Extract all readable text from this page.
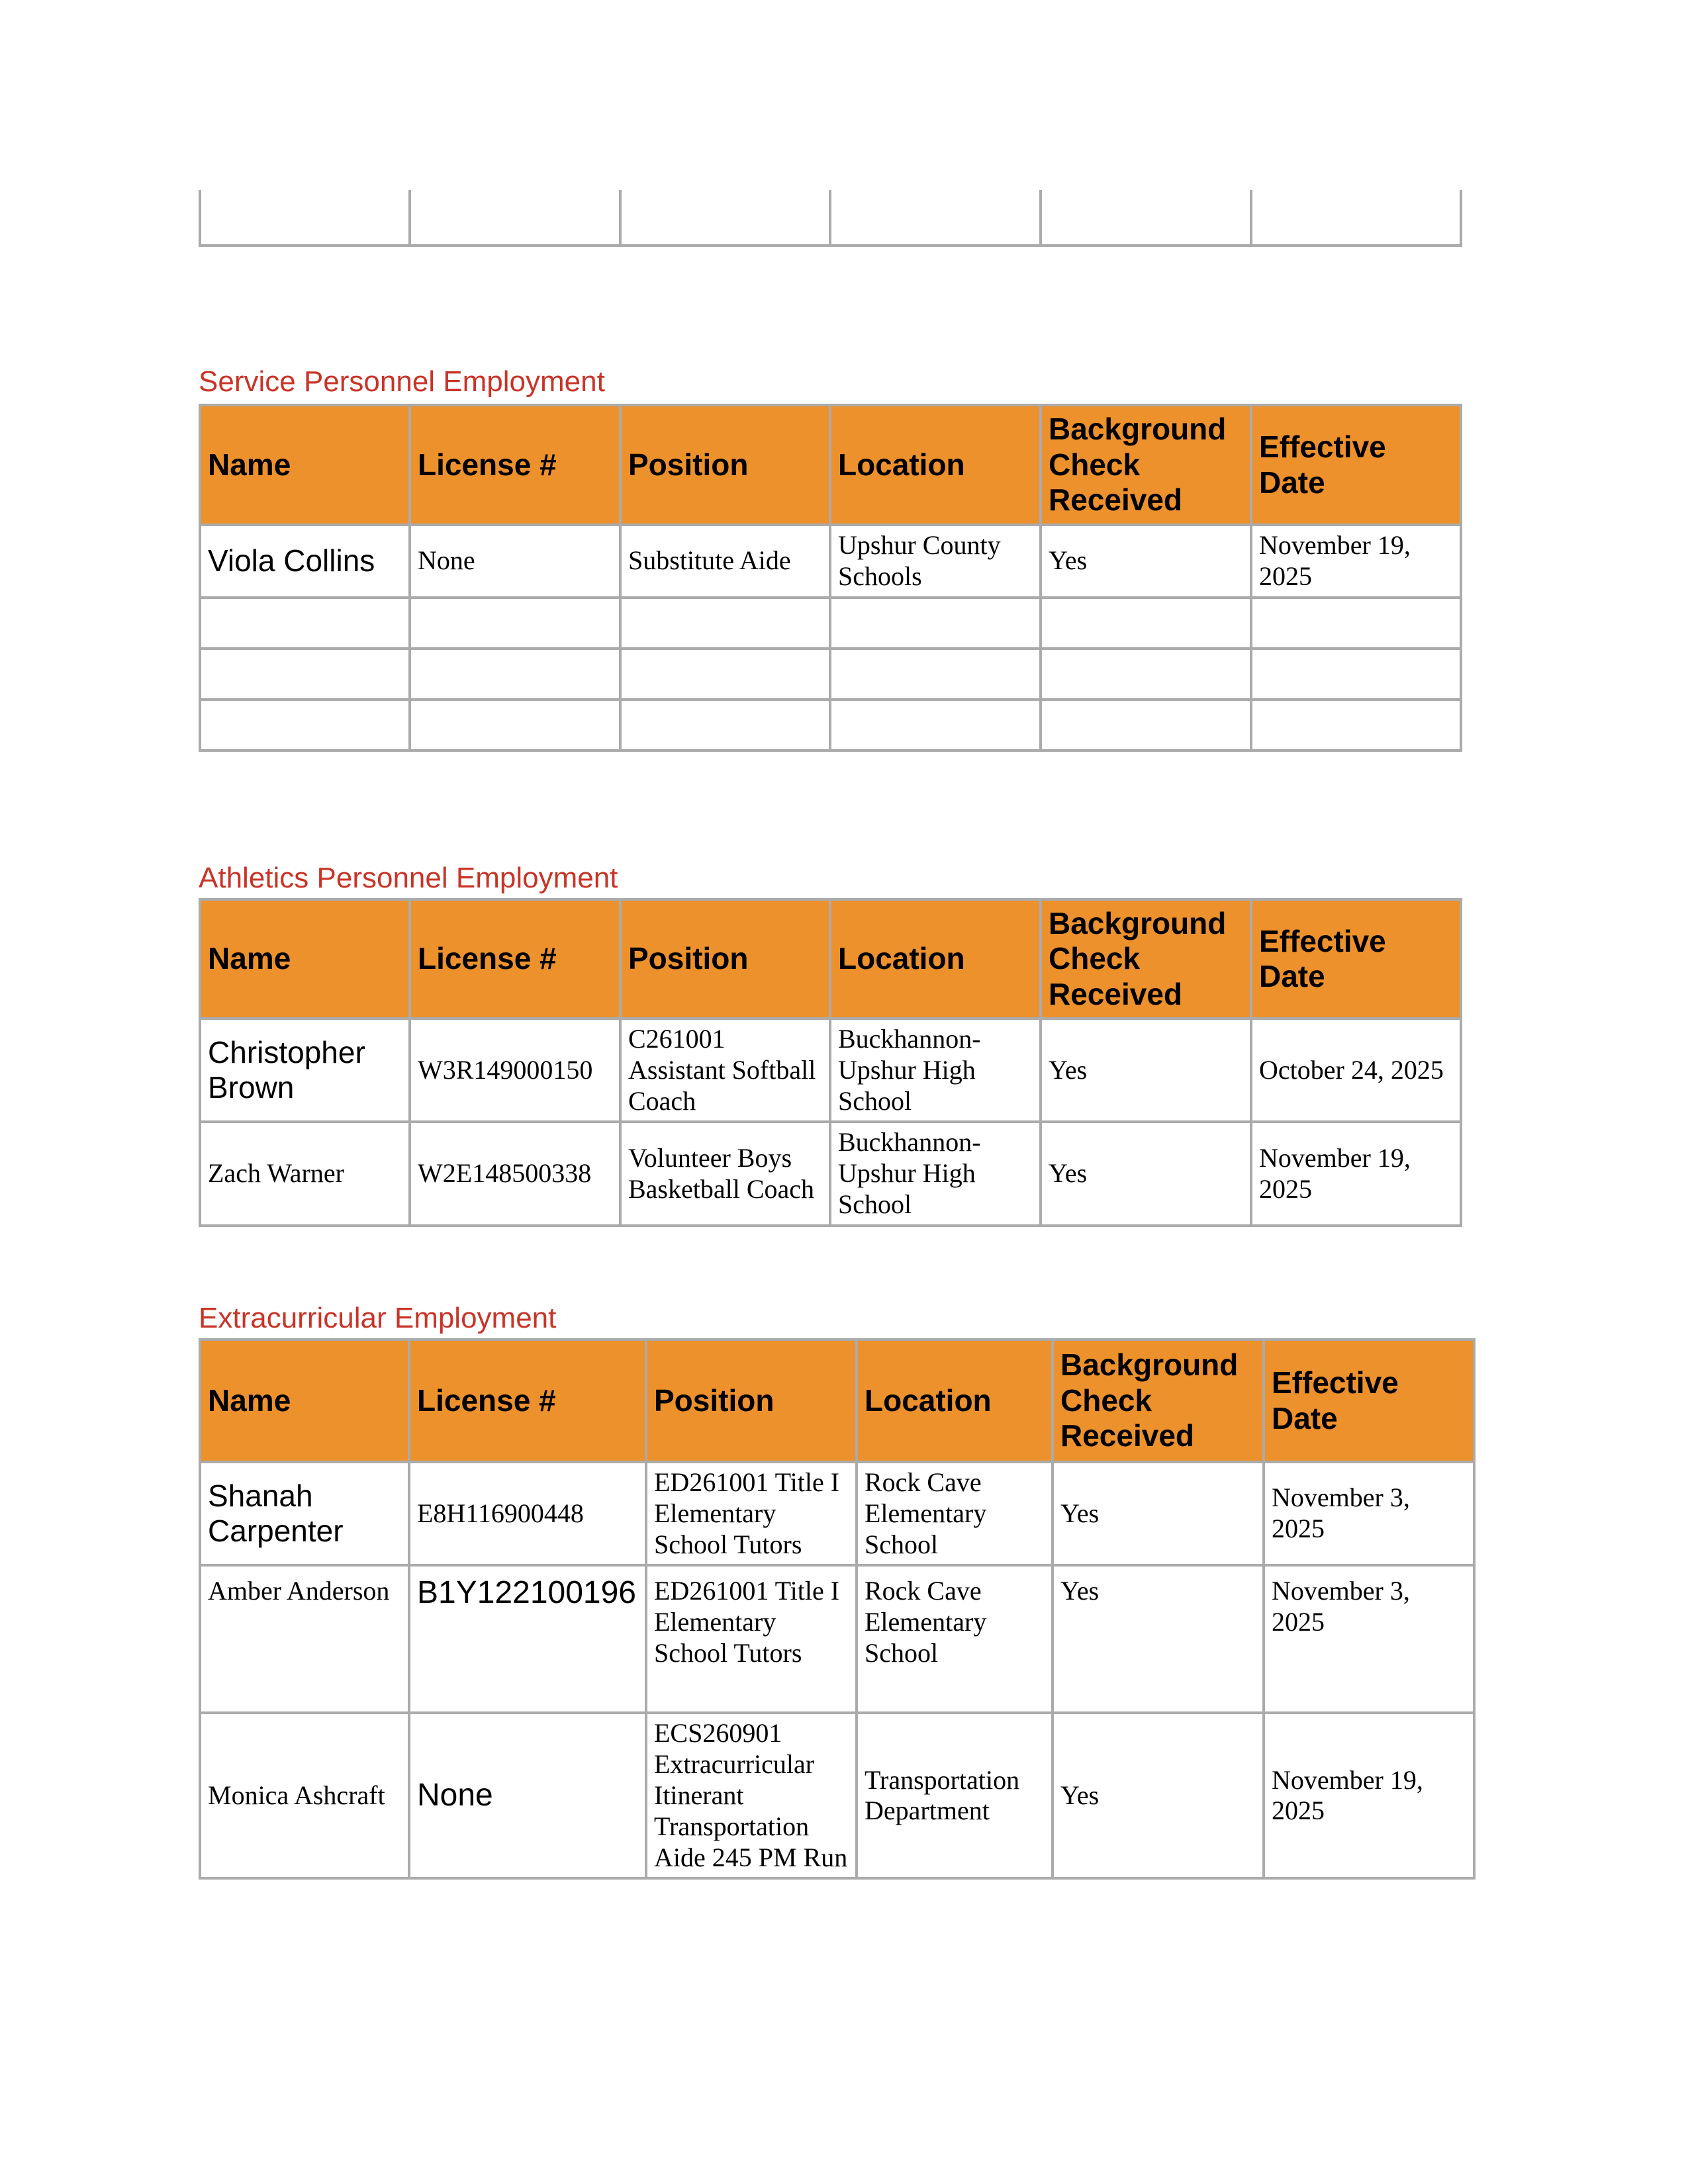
Service Personnel Employment
Name	License #	Position	Location	Background Check Received	Effective Date
Viola Collins	None	Substitute Aide	Upshur County Schools	Yes	November 19, 2025

Athletics Personnel Employment
Name	License #	Position	Location	Background Check Received	Effective Date
Christopher Brown	W3R149000150	C261001 Assistant Softball Coach	Buckhannon-Upshur High School	Yes	October 24, 2025
Zach Warner	W2E148500338	Volunteer Boys Basketball Coach	Buckhannon-Upshur High School	Yes	November 19, 2025
Extracurricular Employment
Name	License #	Position	Location	Background Check Received	Effective Date
Shanah Carpenter	E8H116900448	ED261001 Title I Elementary School Tutors	Rock Cave Elementary School	Yes	November 3, 2025
Amber Anderson	B1Y122100196	ED261001 Title I Elementary School Tutors	Rock Cave Elementary School	Yes	November 3, 2025
Monica Ashcraft	None	ECS260901 Extracurricular Itinerant Transportation Aide 245 PM Run	Transportation Department	Yes	November 19, 2025
